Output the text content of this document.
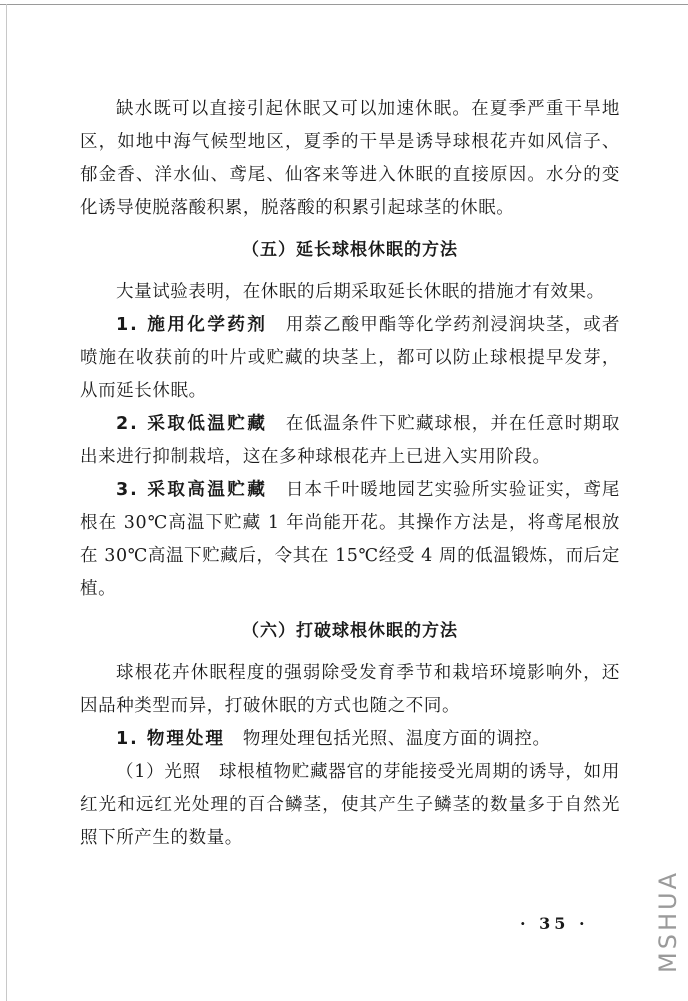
缺水既可以直接引起休眠又可以加速休眠。在夏季严重干旱地区，如地中海气候型地区，夏季的干旱是诱导球根花卉如风信子、郁金香、洋水仙、鸢尾、仙客来等进入休眠的直接原因。水分的变化诱导使脱落酸积累，脱落酸的积累引起球茎的休眠。

（五）延长球根休眠的方法

大量试验表明，在休眠的后期采取延长休眠的措施才有效果。

1. 施用化学药剂 用萘乙酸甲酯等化学药剂浸润块茎，或者喷施在收获前的叶片或贮藏的块茎上，都可以防止球根提早发芽，从而延长休眠。

2. 采取低温贮藏 在低温条件下贮藏球根，并在任意时期取出来进行抑制栽培，这在多种球根花卉上已进入实用阶段。

3. 采取高温贮藏 日本千叶暖地园艺实验所实验证实，鸢尾根在 30℃高温下贮藏 1 年尚能开花。其操作方法是，将鸢尾根放在 30℃高温下贮藏后，令其在 15℃经受 4 周的低温锻炼，而后定植。

（六）打破球根休眠的方法

球根花卉休眠程度的强弱除受发育季节和栽培环境影响外，还因品种类型而异，打破休眠的方式也随之不同。

1. 物理处理 物理处理包括光照、温度方面的调控。

（1）光照 球根植物贮藏器官的芽能接受光周期的诱导，如用红光和远红光处理的百合鳞茎，使其产生子鳞茎的数量多于自然光照下所产生的数量。

· 35 ·	MSHUA
